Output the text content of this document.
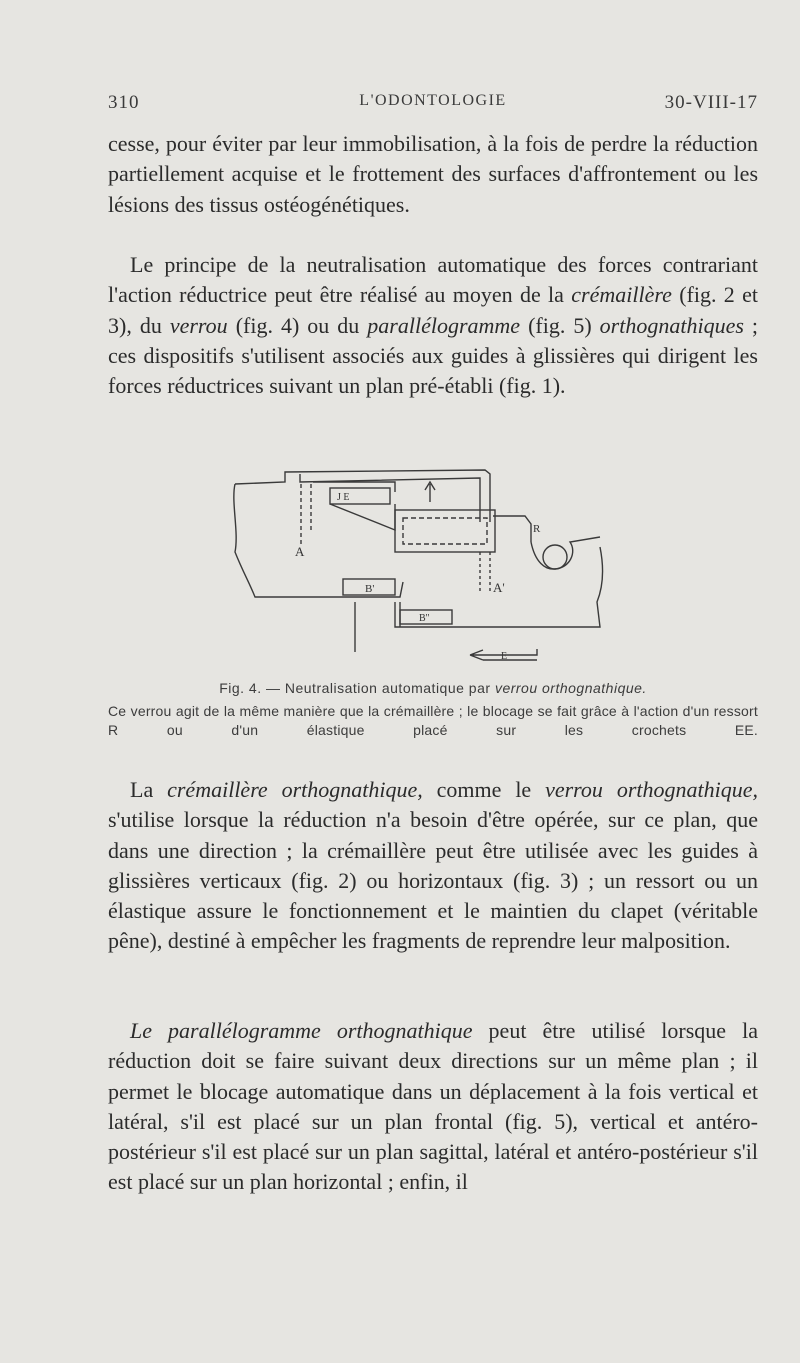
310	L'ODONTOLOGIE	30-VIII-17

cesse, pour éviter par leur immobilisation, à la fois de perdre la réduction partiellement acquise et le frottement des surfaces d'affrontement ou les lésions des tissus ostéogénétiques.

Le principe de la neutralisation automatique des forces contrariant l'action réductrice peut être réalisé au moyen de la crémaillère (fig. 2 et 3), du verrou (fig. 4) ou du parallélogramme (fig. 5) orthognathiques ; ces dispositifs s'utilisent associés aux guides à glissières qui dirigent les forces réductrices suivant un plan pré-établi (fig. 1).

A
A'
J E
R
B'
B''
E
Fig. 4. — Neutralisation automatique par verrou orthognathique.
Ce verrou agit de la même manière que la crémaillère ; le blocage se fait grâce à l'action d'un ressort R ou d'un élastique placé sur les crochets EE.

La crémaillère orthognathique, comme le verrou orthognathique, s'utilise lorsque la réduction n'a besoin d'être opérée, sur ce plan, que dans une direction ; la crémaillère peut être utilisée avec les guides à glissières verticaux (fig. 2) ou horizontaux (fig. 3) ; un ressort ou un élastique assure le fonctionnement et le maintien du clapet (véritable pêne), destiné à empêcher les fragments de reprendre leur malposition.

Le parallélogramme orthognathique peut être utilisé lorsque la réduction doit se faire suivant deux directions sur un même plan ; il permet le blocage automatique dans un déplacement à la fois vertical et latéral, s'il est placé sur un plan frontal (fig. 5), vertical et antéro-postérieur s'il est placé sur un plan sagittal, latéral et antéro-postérieur s'il est placé sur un plan horizontal ; enfin, il
